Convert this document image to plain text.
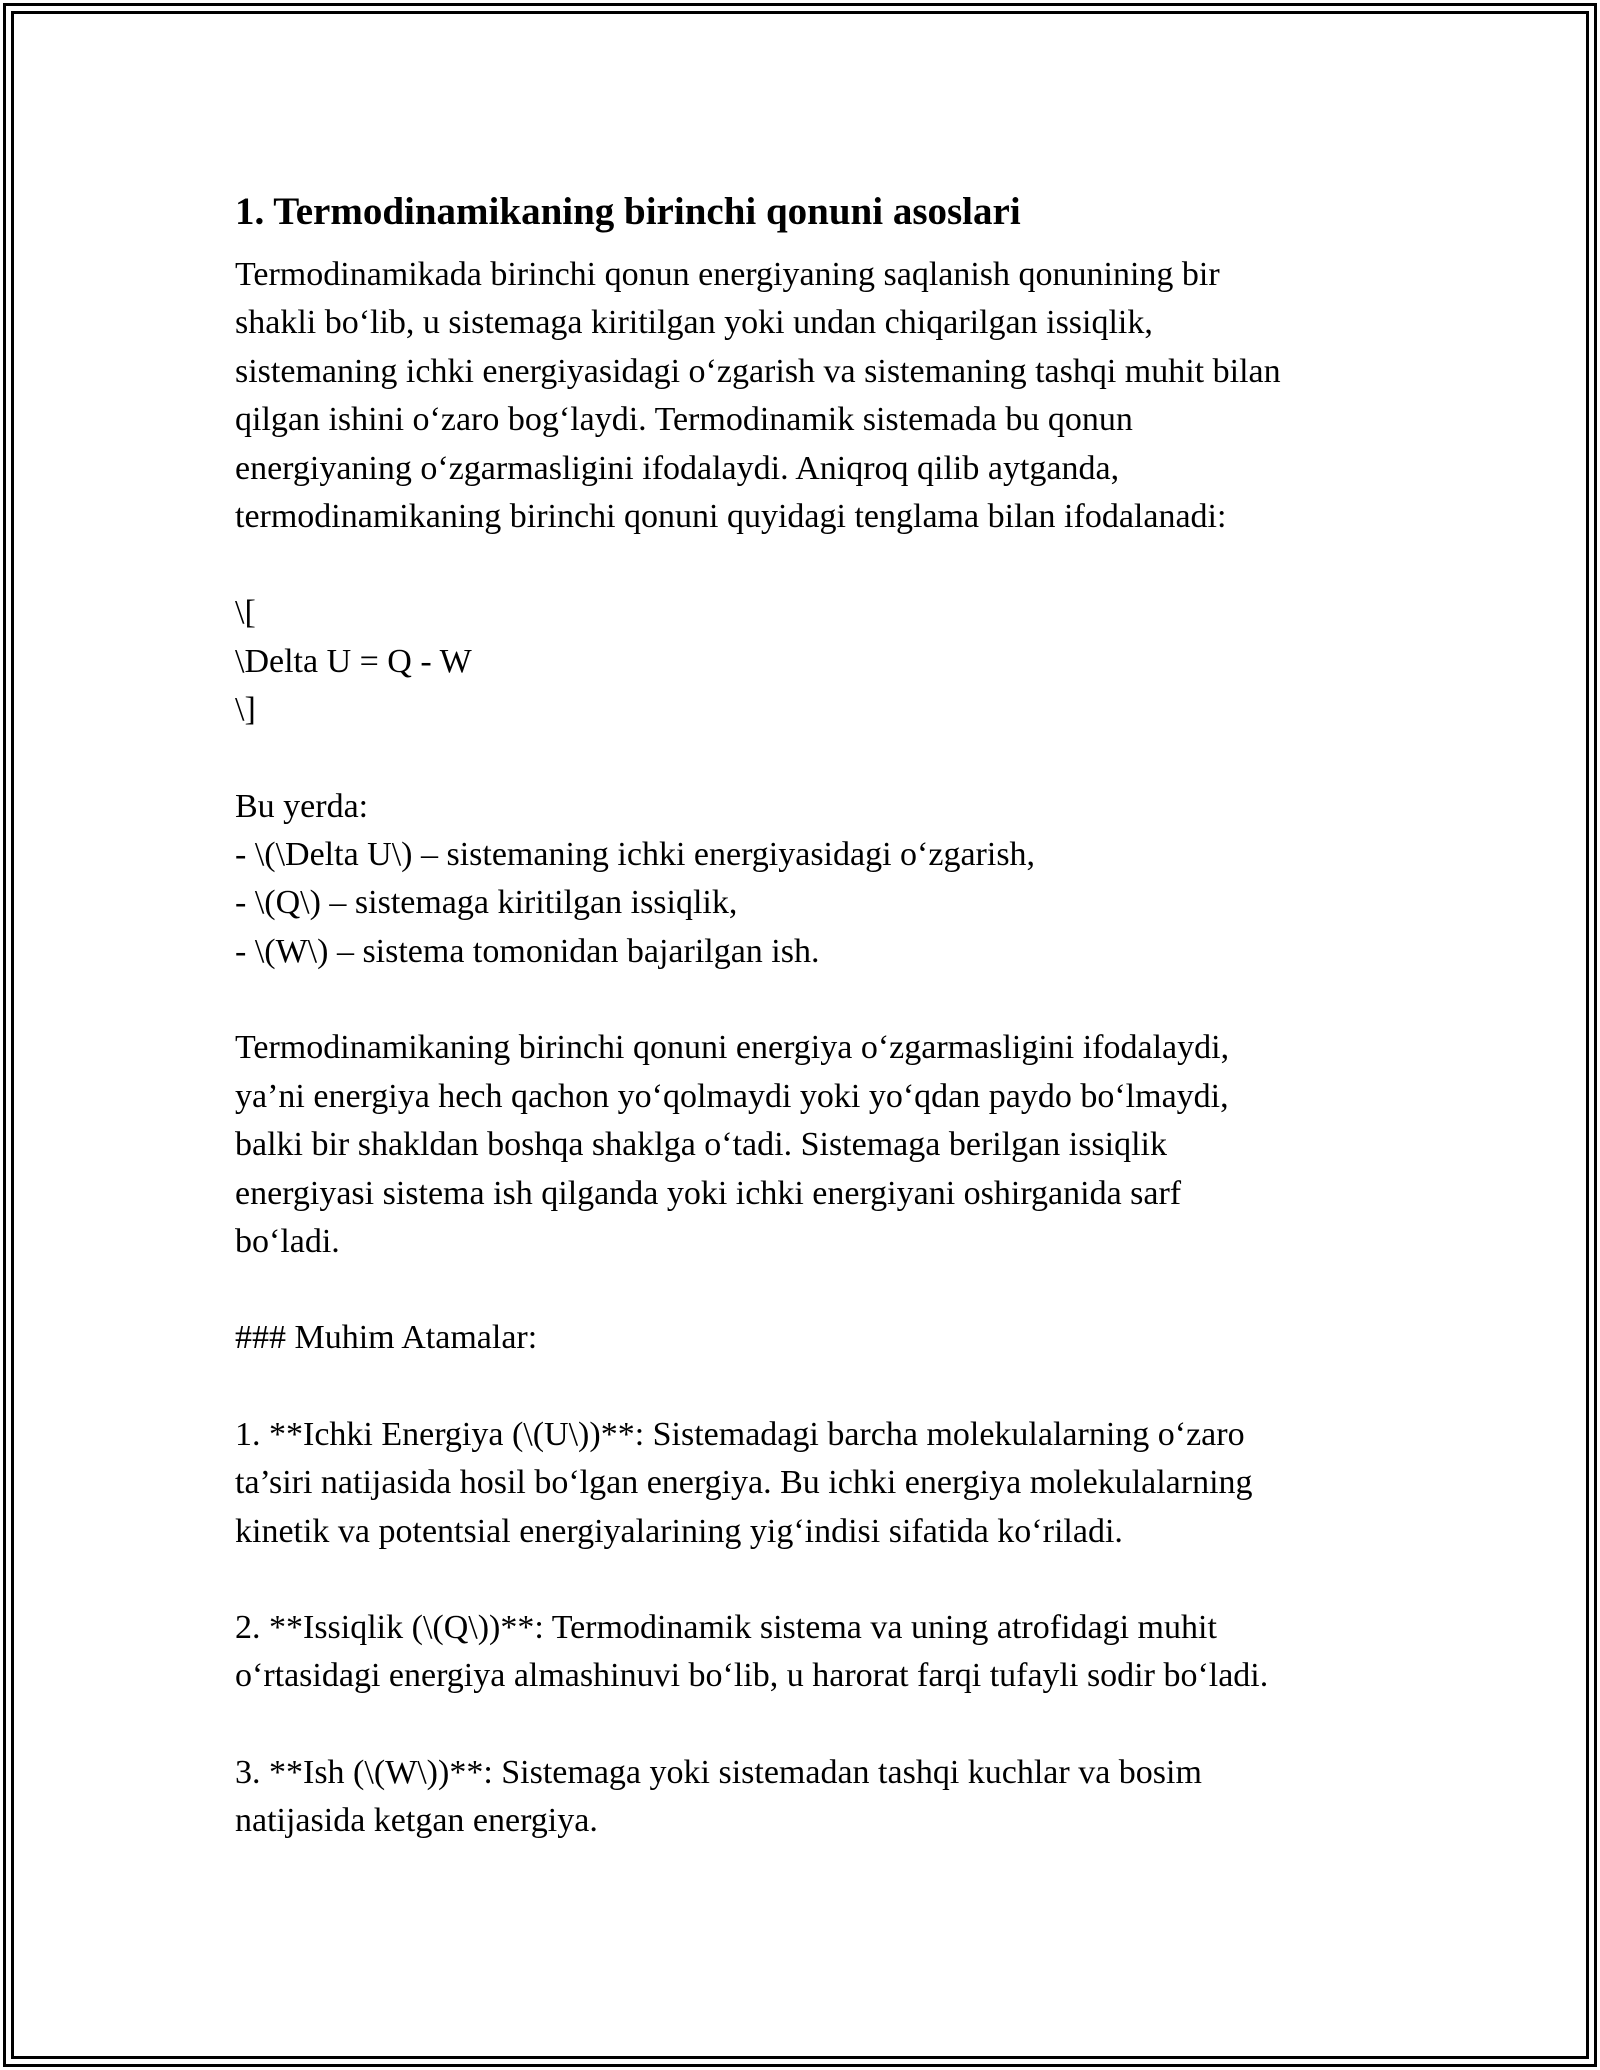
1. Termodinamikaning birinchi qonuni asoslari
Termodinamikada birinchi qonun energiyaning saqlanish qonunining bir
shakli bo‘lib, u sistemaga kiritilgan yoki undan chiqarilgan issiqlik,
sistemaning ichki energiyasidagi o‘zgarish va sistemaning tashqi muhit bilan
qilgan ishini o‘zaro bog‘laydi. Termodinamik sistemada bu qonun
energiyaning o‘zgarmasligini ifodalaydi. Aniqroq qilib aytganda,
termodinamikaning birinchi qonuni quyidagi tenglama bilan ifodalanadi:
\[
\Delta U = Q - W
\]
Bu yerda:
- \(\Delta U\) – sistemaning ichki energiyasidagi o‘zgarish,
- \(Q\) – sistemaga kiritilgan issiqlik,
- \(W\) – sistema tomonidan bajarilgan ish.
Termodinamikaning birinchi qonuni energiya o‘zgarmasligini ifodalaydi,
ya’ni energiya hech qachon yo‘qolmaydi yoki yo‘qdan paydo bo‘lmaydi,
balki bir shakldan boshqa shaklga o‘tadi. Sistemaga berilgan issiqlik
energiyasi sistema ish qilganda yoki ichki energiyani oshirganida sarf
bo‘ladi.
### Muhim Atamalar:
1. **Ichki Energiya (\(U\))**: Sistemadagi barcha molekulalarning o‘zaro
ta’siri natijasida hosil bo‘lgan energiya. Bu ichki energiya molekulalarning
kinetik va potentsial energiyalarining yig‘indisi sifatida ko‘riladi.
2. **Issiqlik (\(Q\))**: Termodinamik sistema va uning atrofidagi muhit
o‘rtasidagi energiya almashinuvi bo‘lib, u harorat farqi tufayli sodir bo‘ladi.
3. **Ish (\(W\))**: Sistemaga yoki sistemadan tashqi kuchlar va bosim
natijasida ketgan energiya.
